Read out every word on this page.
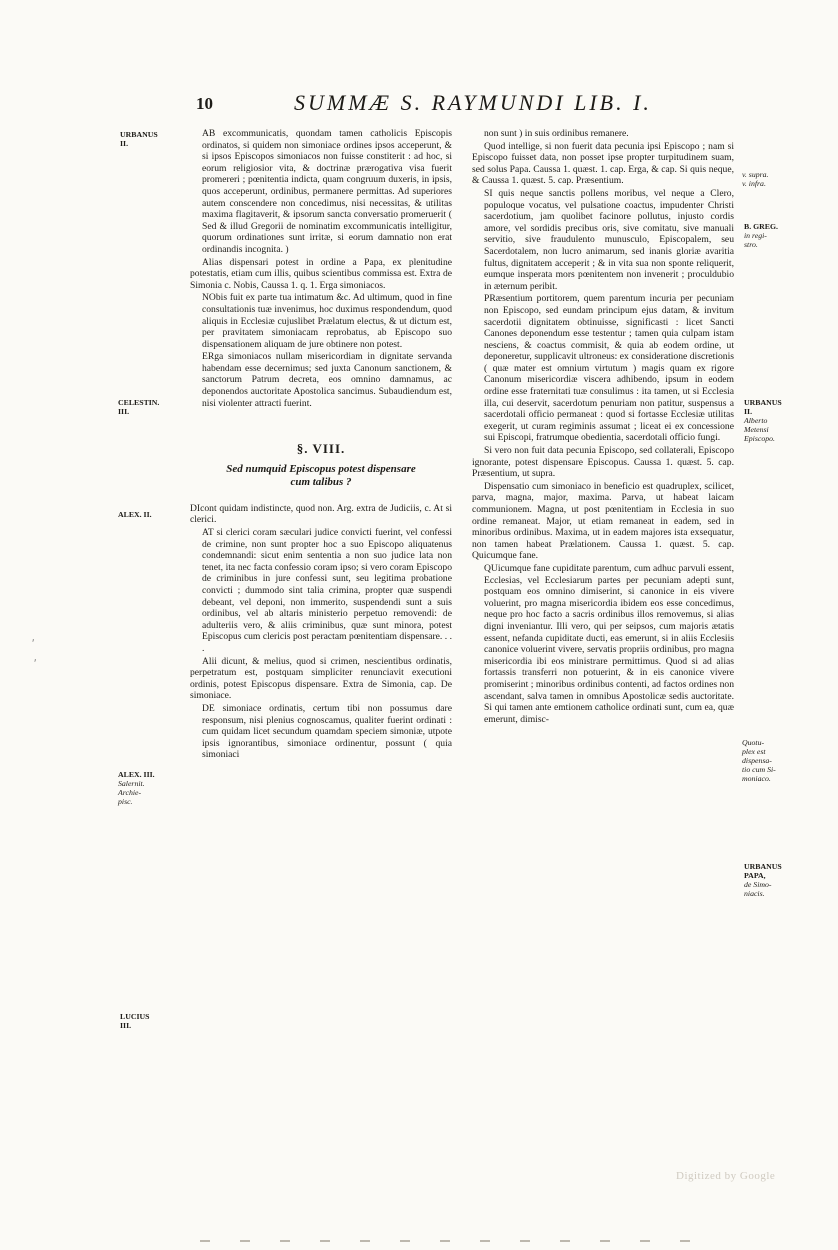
10	SUMMÆ S. RAYMUNDI LIB. I.

AB excommunicatis, quondam tamen catholicis Episcopis ordinatos, si quidem non simoniace ordines ipsos acceperunt, & si ipsos Episcopos simoniacos non fuisse constiterit : ad hoc, si eorum religiosior vita, & doctrinæ prærogativa visa fuerit promereri ; pœnitentia indicta, quam congruum duxeris, in ipsis, quos acceperunt, ordinibus, permanere permittas. Ad superiores autem conscendere non concedimus, nisi necessitas, & utilitas maxima flagitaverit, & ipsorum sancta conversatio promeruerit ( Sed & illud Gregorii de nominatim excommunicatis intelligitur, quorum ordinationes sunt irritæ, si eorum damnatio non erat ordinandis incognita. )

Alias dispensari potest in ordine a Papa, ex plenitudine potestatis, etiam cum illis, quibus scientibus commissa est. Extra de Simonia c. Nobis, Caussa 1. q. 1. Erga simoniacos.

NObis fuit ex parte tua intimatum &c. Ad ultimum, quod in fine consultationis tuæ invenimus, hoc duximus respondendum, quod aliquis in Ecclesiæ cujuslibet Prælatum electus, & ut dictum est, per pravitatem simoniacam reprobatus, ab Episcopo suo dispensationem aliquam de jure obtinere non potest.

ERga simoniacos nullam misericordiam in dignitate servanda habendam esse decernimus; sed juxta Canonum sanctionem, & sanctorum Patrum decreta, eos omnino damnamus, ac deponendos auctoritate Apostolica sancimus. Subaudiendum est, nisi violenter attracti fuerint.

§. VIII.
Sed numquid Episcopus potest dispensare cum talibus ?

DIcont quidam indistincte, quod non. Arg. extra de Judiciis, c. At si clerici.

AT si clerici coram sæculari judice convicti fuerint, vel confessi de crimine, non sunt propter hoc a suo Episcopo aliquatenus condemnandi: sicut enim sententia a non suo judice lata non tenet, ita nec facta confessio coram ipso; si vero coram Episcopo de criminibus in jure confessi sunt, seu legitima probatione convicti ; dummodo sint talia crimina, propter quæ suspendi debeant, vel deponi, non immerito, suspendendi sunt a suis ordinibus, vel ab altaris ministerio perpetuo removendi: de adulteriis vero, & aliis criminibus, quæ sunt minora, potest Episcopus cum clericis post peractam pœnitentiam dispensare. . . .

Alii dicunt, & melius, quod si crimen, nescientibus ordinatis, perpetratum est, postquam simpliciter renunciavit executioni ordinis, potest Episcopus dispensare. Extra de Simonia, cap. De simoniace.

DE simoniace ordinatis, certum tibi non possumus dare responsum, nisi plenius cognoscamus, qualiter fuerint ordinati : cum quidam licet secundum quamdam speciem simoniæ, utpote ipsis ignorantibus, simoniace ordinentur, possunt ( quia simoniaci

non sunt ) in suis ordinibus remanere.

Quod intellige, si non fuerit data pecunia ipsi Episcopo ; nam si Episcopo fuisset data, non posset ipse propter turpitudinem suam, sed solus Papa. Caussa 1. quæst. 1. cap. Erga, & cap. Si quis neque, & Caussa 1. quæst. 5. cap. Præsentium.

SI quis neque sanctis pollens moribus, vel neque a Clero, populoque vocatus, vel pulsatione coactus, impudenter Christi sacerdotium, jam quolibet facinore pollutus, injusto cordis amore, vel sordidis precibus oris, sive comitatu, sive manuali servitio, sive fraudulento munusculo, Episcopalem, seu Sacerdotalem, non lucro animarum, sed inanis gloriæ avaritia fultus, dignitatem acceperit ; & in vita sua non sponte reliquerit, eumque insperata mors pœnitentem non invenerit ; proculdubio in æternum peribit.

PRæsentium portitorem, quem parentum incuria per pecuniam non Episcopo, sed eundam principum ejus datam, & invitum sacerdotii dignitatem obtinuisse, significasti : licet Sancti Canones deponendum esse testentur ; tamen quia culpam istam nesciens, & coactus commisit, & quia ab eodem ordine, ut deponeretur, supplicavit ultroneus: ex consideratione discretionis ( quæ mater est omnium virtutum ) magis quam ex rigore Canonum misericordiæ viscera adhibendo, ipsum in eodem ordine esse fraternitati tuæ consulimus : ita tamen, ut si Ecclesia illa, cui deservit, sacerdotum penuriam non patitur, suspensus a sacerdotali officio permaneat : quod si fortasse Ecclesiæ utilitas exegerit, ut curam regiminis assumat ; liceat ei ex concessione sui Episcopi, fratrumque obedientia, sacerdotali officio fungi.

Si vero non fuit data pecunia Episcopo, sed collaterali, Episcopo ignorante, potest dispensare Episcopus. Caussa 1. quæst. 5. cap. Præsentium, ut supra.

Dispensatio cum simoniaco in beneficio est quadruplex, scilicet, parva, magna, major, maxima. Parva, ut habeat laicam communionem. Magna, ut post pœnitentiam in Ecclesia in suo ordine remaneat. Major, ut etiam remaneat in eadem, sed in minoribus ordinibus. Maxima, ut in eadem majores ista exsequatur, non tamen habeat Prælationem. Caussa 1. quæst. 5. cap. Quicumque fane.

QUicumque fane cupiditate parentum, cum adhuc parvuli essent, Ecclesias, vel Ecclesiarum partes per pecuniam adepti sunt, postquam eos omnino dimiserint, si canonice in eis vivere voluerint, pro magna misericordia ibidem eos esse concedimus, neque pro hoc facto a sacris ordinibus illos removemus, si alias digni inveniantur. Illi vero, qui per seipsos, cum majoris ætatis essent, nefanda cupiditate ducti, eas emerunt, si in aliis Ecclesiis canonice voluerint vivere, servatis propriis ordinibus, pro magna misericordia ibi eos ministrare permittimus. Quod si ad alias fortassis transferri non potuerint, & in eis canonice vivere promiserint ; minoribus ordinibus contenti, ad factos ordines non ascendant, salva tamen in omnibus Apostolicæ sedis auctoritate. Si qui tamen ante emtionem catholice ordinati sunt, cum ea, quæ emerunt, dimisc-

URBANUS
II.
CELESTIN.
III.
ALEX. II.
ALEX. III.
Salernit.
Archie-
pisc.
LUCIUS
III.
v. supra.
v. infra.
B. GREG.
in regi-
stro.
URBANUS
II.
Alberto
Metensi
Episcopo.
Quotu-
plex est
dispensa-
tio cum Si-
moniaco.
URBANUS
PAPA,
de Simo-
niacis.
ʹ
ʹ
Digitized by Google
